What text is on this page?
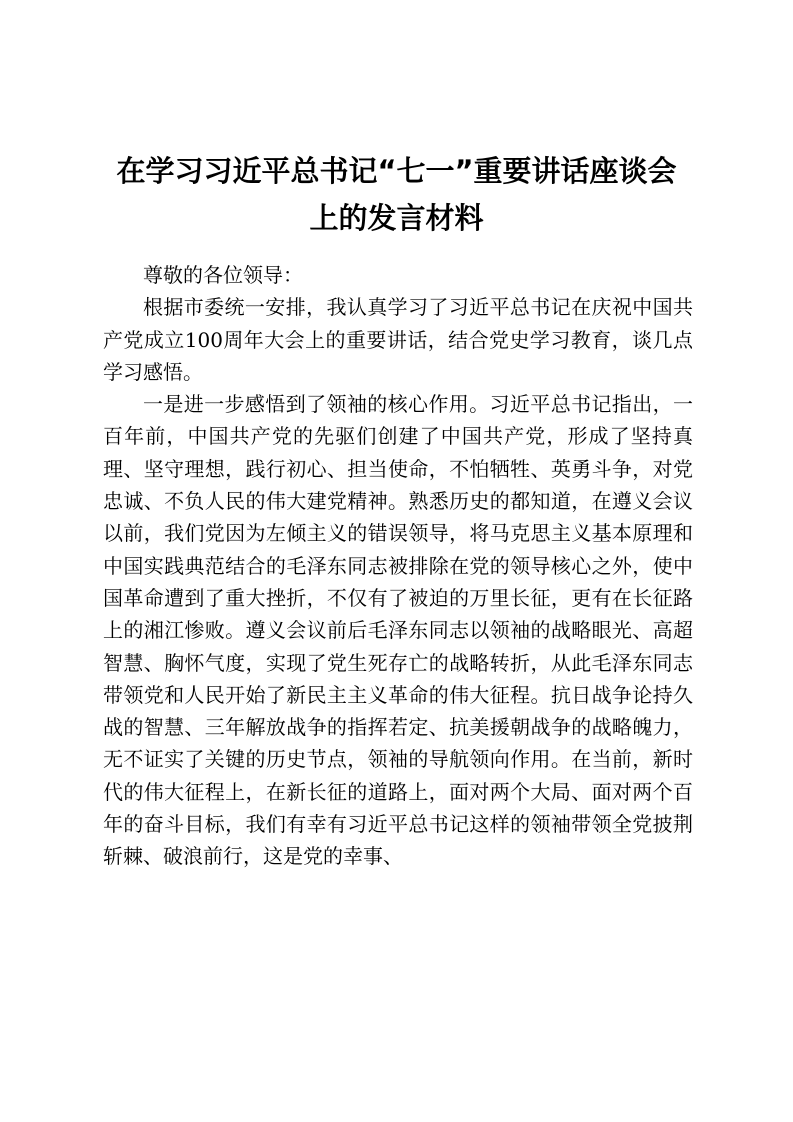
在学习习近平总书记“七一”重要讲话座谈会
上的发言材料

尊敬的各位领导：

根据市委统一安排，我认真学习了习近平总书记在庆祝中国共产党成立100周年大会上的重要讲话，结合党史学习教育，谈几点学习感悟。

一是进一步感悟到了领袖的核心作用。习近平总书记指出，一百年前，中国共产党的先驱们创建了中国共产党，形成了坚持真理、坚守理想，践行初心、担当使命，不怕牺牲、英勇斗争，对党忠诚、不负人民的伟大建党精神。熟悉历史的都知道，在遵义会议以前，我们党因为左倾主义的错误领导，将马克思主义基本原理和中国实践典范结合的毛泽东同志被排除在党的领导核心之外，使中国革命遭到了重大挫折，不仅有了被迫的万里长征，更有在长征路上的湘江惨败。遵义会议前后毛泽东同志以领袖的战略眼光、高超智慧、胸怀气度，实现了党生死存亡的战略转折，从此毛泽东同志带领党和人民开始了新民主主义革命的伟大征程。抗日战争论持久战的智慧、三年解放战争的指挥若定、抗美援朝战争的战略魄力，无不证实了关键的历史节点，领袖的导航领向作用。在当前，新时代的伟大征程上，在新长征的道路上，面对两个大局、面对两个百年的奋斗目标，我们有幸有习近平总书记这样的领袖带领全党披荆斩棘、破浪前行，这是党的幸事、
